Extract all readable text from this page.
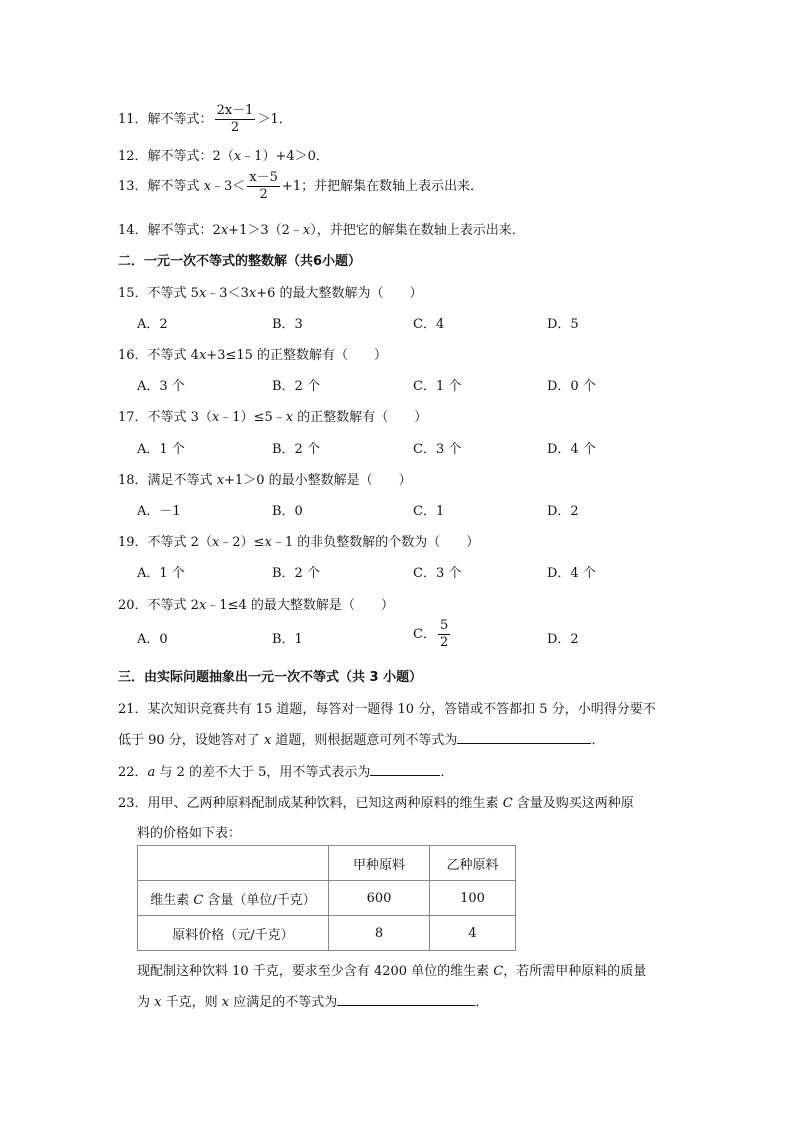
11．解不等式： $\frac{2x-1}{2} >1$．
12．解不等式：2（x﹣1）+4＞0．
13．解不等式 x﹣3＜ $\frac{x-5}{2} +1$；并把解集在数轴上表示出来．
14．解不等式：2x+1＞3（2﹣x），并把它的解集在数轴上表示出来．
二．一元一次不等式的整数解（共6小题）
15．不等式 5x﹣3＜3x+6 的最大整数解为（　　）
A．2	B．3	C．4	D．5
16．不等式 4x+3≤15 的正整数解有（　　）
A．3 个	B．2 个	C．1 个	D．0 个
17．不等式 3（x﹣1）≤5﹣x 的正整数解有（　　）
A．1 个	B．2 个	C．3 个	D．4 个
18．满足不等式 x+1＞0 的最小整数解是（　　）
A．－1	B．0	C．1	D．2
19．不等式 2（x﹣2）≤x﹣1 的非负整数解的个数为（　　）
A．1 个	B．2 个	C．3 个	D．4 个
20．不等式 2x﹣1≤4 的最大整数解是（　　）
A．0	B．1	C． $\frac{5}{2}$	D．2
三．由实际问题抽象出一元一次不等式（共 3 小题）
21．某次知识竞赛共有 15 道题，每答对一题得 10 分，答错或不答都扣 5 分，小明得分要不
低于 90 分，设她答对了 x 道题，则根据题意可列不等式为	．
22．a 与 2 的差不大于 5，用不等式表示为	．
23．用甲、乙两种原料配制成某种饮料，已知这两种原料的维生素 C 含量及购买这两种原
料的价格如下表：
	甲种原料	乙种原料
维生素 C 含量（单位/千克）	600	100
原料价格（元/千克）	8	4
现配制这种饮料 10 千克，要求至少含有 4200 单位的维生素 C，若所需甲种原料的质量
为 x 千克，则 x 应满足的不等式为	．
